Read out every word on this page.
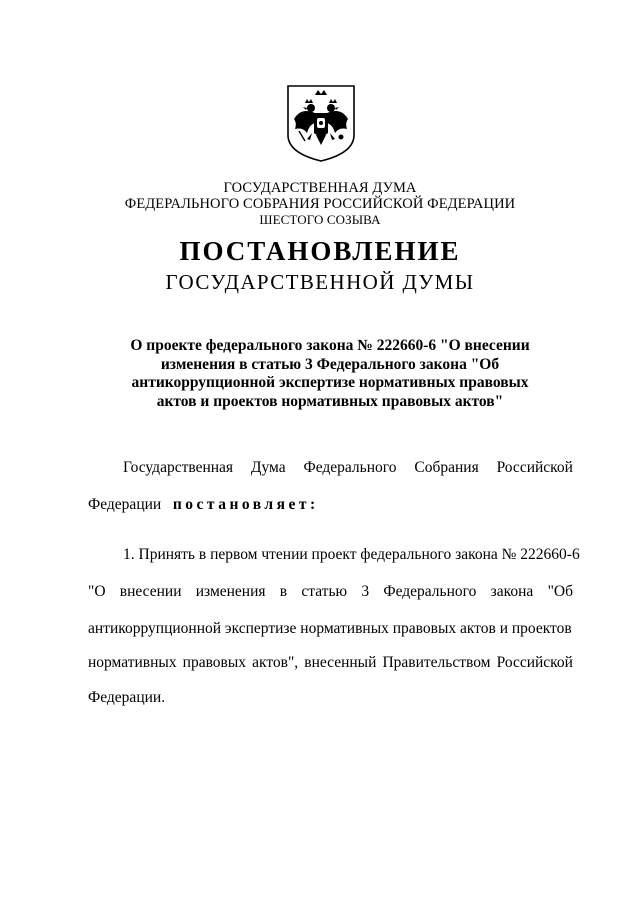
ГОСУДАРСТВЕННАЯ ДУМА
ФЕДЕРАЛЬНОГО СОБРАНИЯ РОССИЙСКОЙ ФЕДЕРАЦИИ
ШЕСТОГО СОЗЫВА
ПОСТАНОВЛЕНИЕ
ГОСУДАРСТВЕННОЙ ДУМЫ
О проекте федерального закона № 222660-6 "О внесении
изменения в статью 3 Федерального закона "Об
антикоррупционной экспертизе нормативных правовых
актов и проектов нормативных правовых актов"
Государственная Дума Федерального Собрания Российской
Федерации постановляет:
1. Принять в первом чтении проект федерального закона № 222660-6
"О внесении изменения в статью 3 Федерального закона "Об
антикоррупционной экспертизе нормативных правовых актов и проектов
нормативных правовых актов", внесенный Правительством Российской
Федерации.
